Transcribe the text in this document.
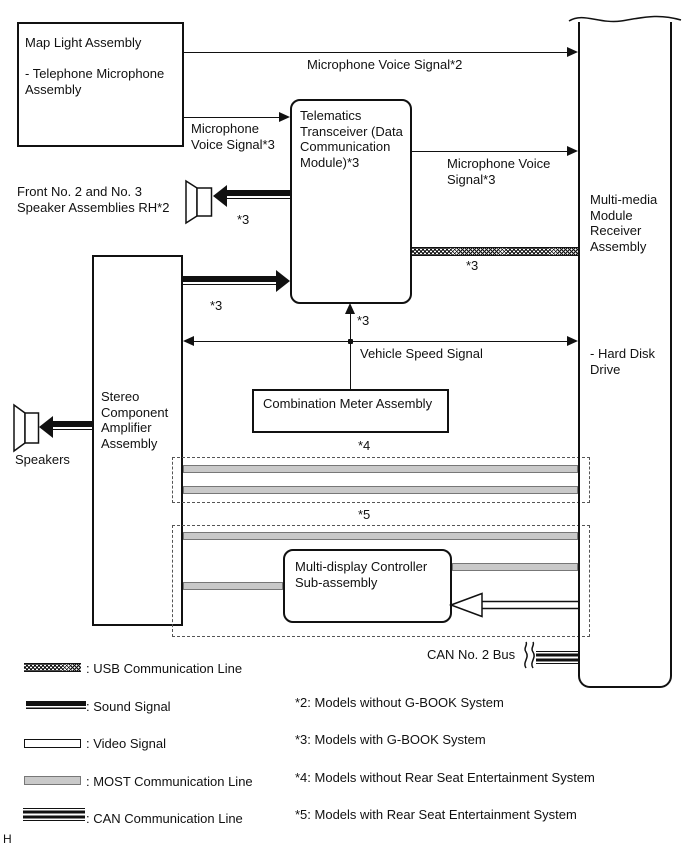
Map Light Assembly
- Telephone Microphone Assembly
Telematics Transceiver (Data Communication Module)*3
Multi-media Module Receiver Assembly
- Hard Disk Drive
Stereo Component Amplifier Assembly
Combination Meter Assembly
Multi-display Controller Sub-assembly
Front No. 2 and No. 3 Speaker Assemblies RH*2
Speakers
Microphone Voice Signal*2
Microphone Voice Signal*3
Microphone Voice Signal*3
Vehicle Speed Signal
CAN No. 2 Bus
*3
*3
*3
*3
*4
*5
: USB Communication Line
: Sound Signal
: Video Signal
: MOST Communication Line
: CAN Communication Line
*2: Models without G-BOOK System
*3: Models with G-BOOK System
*4: Models without Rear Seat Entertainment System
*5: Models with Rear Seat Entertainment System
H
